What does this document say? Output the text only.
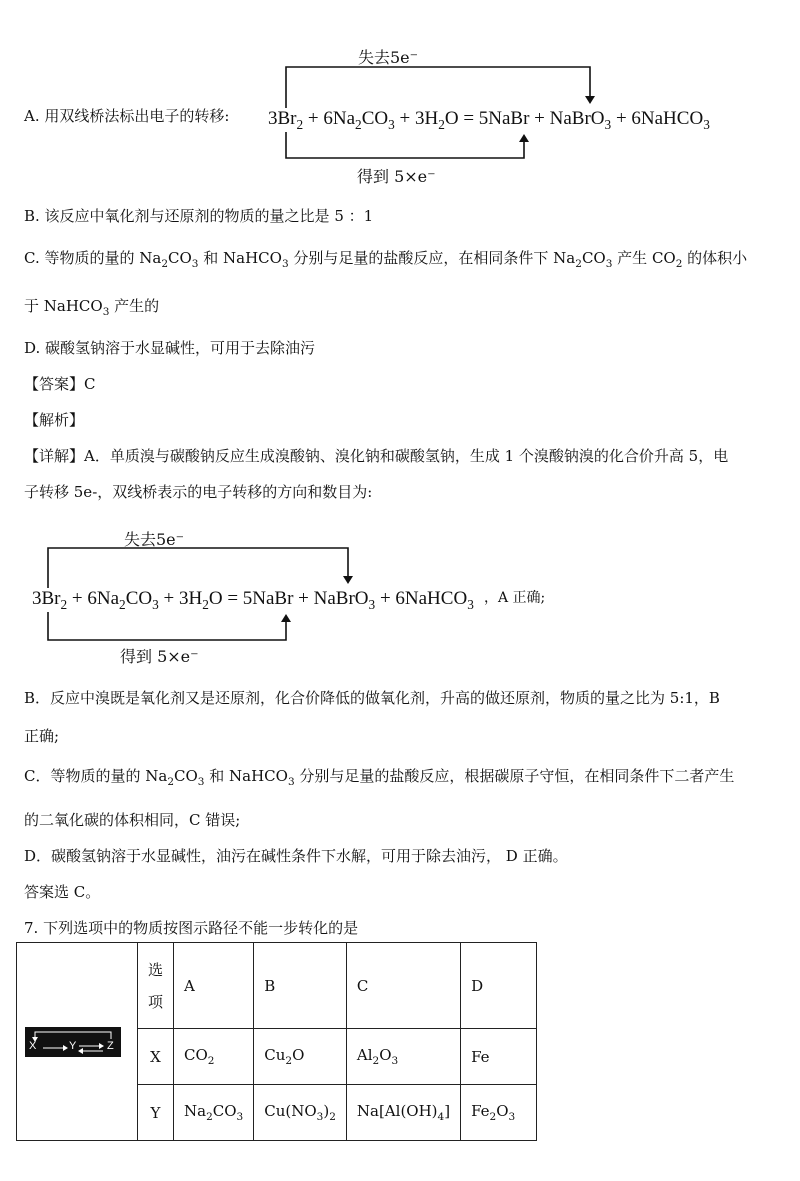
A. 用双线桥法标出电子的转移:
失去5e⁻
得到 5×e⁻
$3Br_2 + 6Na_2CO_3 + 3H_2O$ = 5NaBr + NaBrO$_3$ + 6NaHCO$_3$
B. 该反应中氧化剂与还原剂的物质的量之比是 5 ：1
C. 等物质的量的 $Na_2CO_3$ 和 NaHCO$_3$ 分别与足量的盐酸反应，在相同条件下 $Na_2CO_3$ 产生 $CO_2$ 的体积小
于 NaHCO$_3$ 产生的
D. 碳酸氢钠溶于水显碱性，可用于去除油污
【答案】C
【解析】
【详解】A．单质溴与碳酸钠反应生成溴酸钠、溴化钠和碳酸氢钠，生成 1 个溴酸钠溴的化合价升高 5，电
子转移 5e-，双线桥表示的电子转移的方向和数目为:
失去5e⁻
得到 5×e⁻
$3Br_2 + 6Na_2CO_3 + 3H_2O$ = 5NaBr + NaBrO$_3$ + 6NaHCO$_3$ ，A 正确;
B．反应中溴既是氧化剂又是还原剂，化合价降低的做氧化剂，升高的做还原剂，物质的量之比为 5:1，B
正确;
C．等物质的量的 $Na_2CO_3$ 和 NaHCO$_3$ 分别与足量的盐酸反应，根据碳原子守恒，在相同条件下二者产生
的二氧化碳的体积相同，C 错误;
D．碳酸氢钠溶于水显碱性，油污在碱性条件下水解，可用于除去油污， D 正确。
答案选 C。
7. 下列选项中的物质按图示路径不能一步转化的是
X Y Z	选项	A	B	C	D
	X	$CO_2$	$Cu_2O$	$Al_2O_3$	Fe
	Y	$Na_2CO_3$	$Cu(NO_3)_2$	$Na[Al(OH)_4]$	$Fe_2O_3$
